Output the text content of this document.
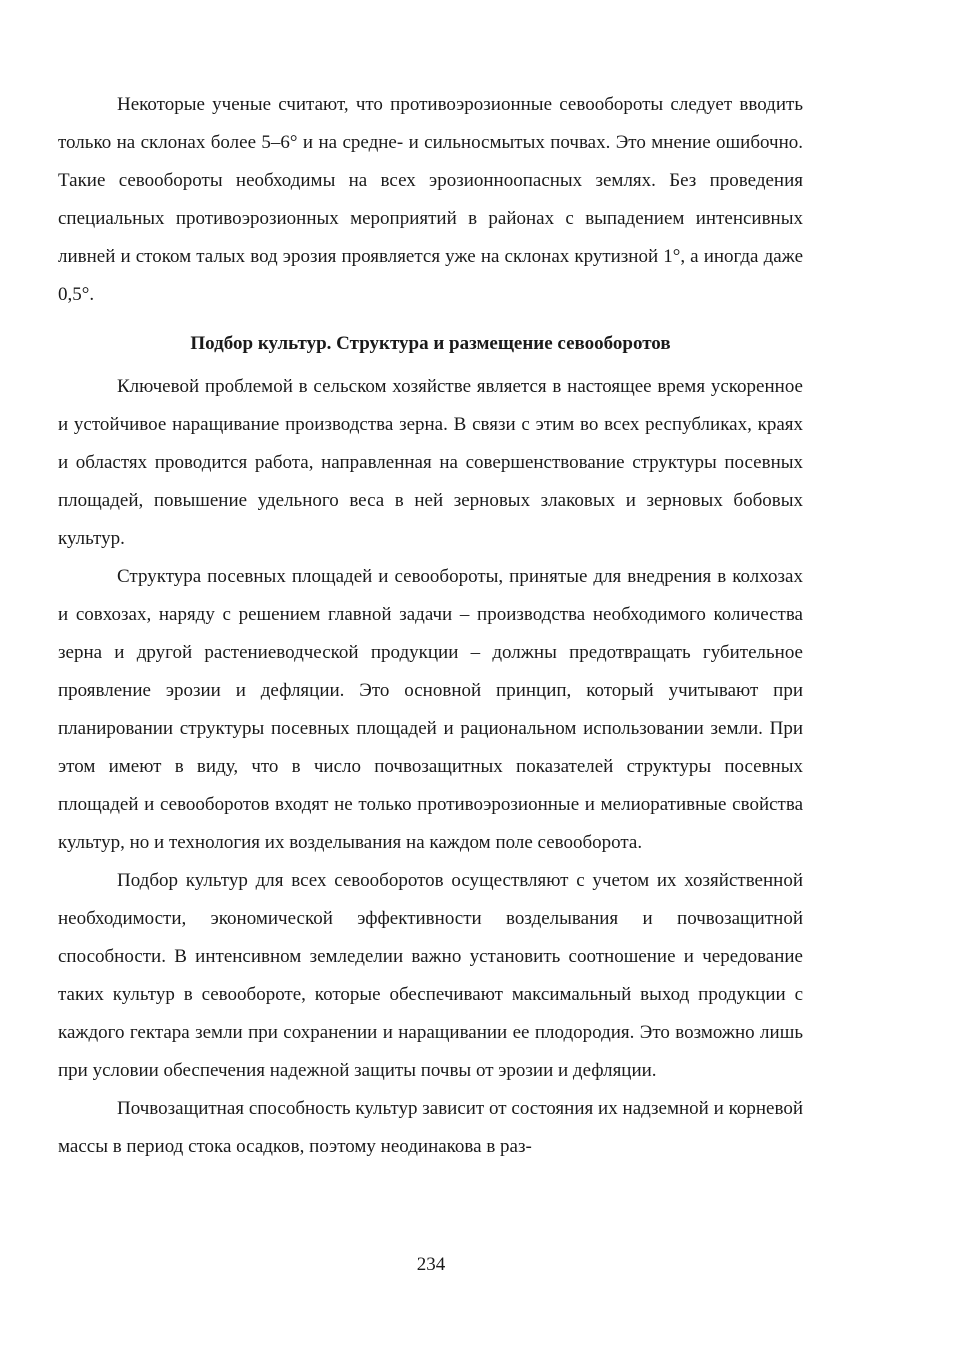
Некоторые ученые считают, что противоэрозионные севообороты следует вводить только на склонах более 5–6° и на средне- и сильносмытых почвах. Это мнение ошибочно. Такие севообороты необходимы на всех эрозионноопасных землях. Без проведения специальных противоэрозионных мероприятий в районах с выпадением интенсивных ливней и стоком талых вод эрозия проявляется уже на склонах крутизной 1°, а иногда даже 0,5°.

Подбор культур. Структура и размещение севооборотов

Ключевой проблемой в сельском хозяйстве является в настоящее время ускоренное и устойчивое наращивание производства зерна. В связи с этим во всех республиках, краях и областях проводится работа, направленная на совершенствование структуры посевных площадей, повышение удельного веса в ней зерновых злаковых и зерновых бобовых культур.

Структура посевных площадей и севообороты, принятые для внедрения в колхозах и совхозах, наряду с решением главной задачи – производства необходимого количества зерна и другой растениеводческой продукции – должны предотвращать губительное проявление эрозии и дефляции. Это основной принцип, который учитывают при планировании структуры посевных площадей и рациональном использовании земли. При этом имеют в виду, что в число почвозащитных показателей структуры посевных площадей и севооборотов входят не только противоэрозионные и мелиоративные свойства культур, но и технология их возделывания на каждом поле севооборота.

Подбор культур для всех севооборотов осуществляют с учетом их хозяйственной необходимости, экономической эффективности возделывания и почвозащитной способности. В интенсивном земледелии важно установить соотношение и чередование таких культур в севообороте, которые обеспечивают максимальный выход продукции с каждого гектара земли при сохранении и наращивании ее плодородия. Это возможно лишь при условии обеспечения надежной защиты почвы от эрозии и дефляции.

Почвозащитная способность культур зависит от состояния их надземной и корневой массы в период стока осадков, поэтому неодинакова в раз-

234
